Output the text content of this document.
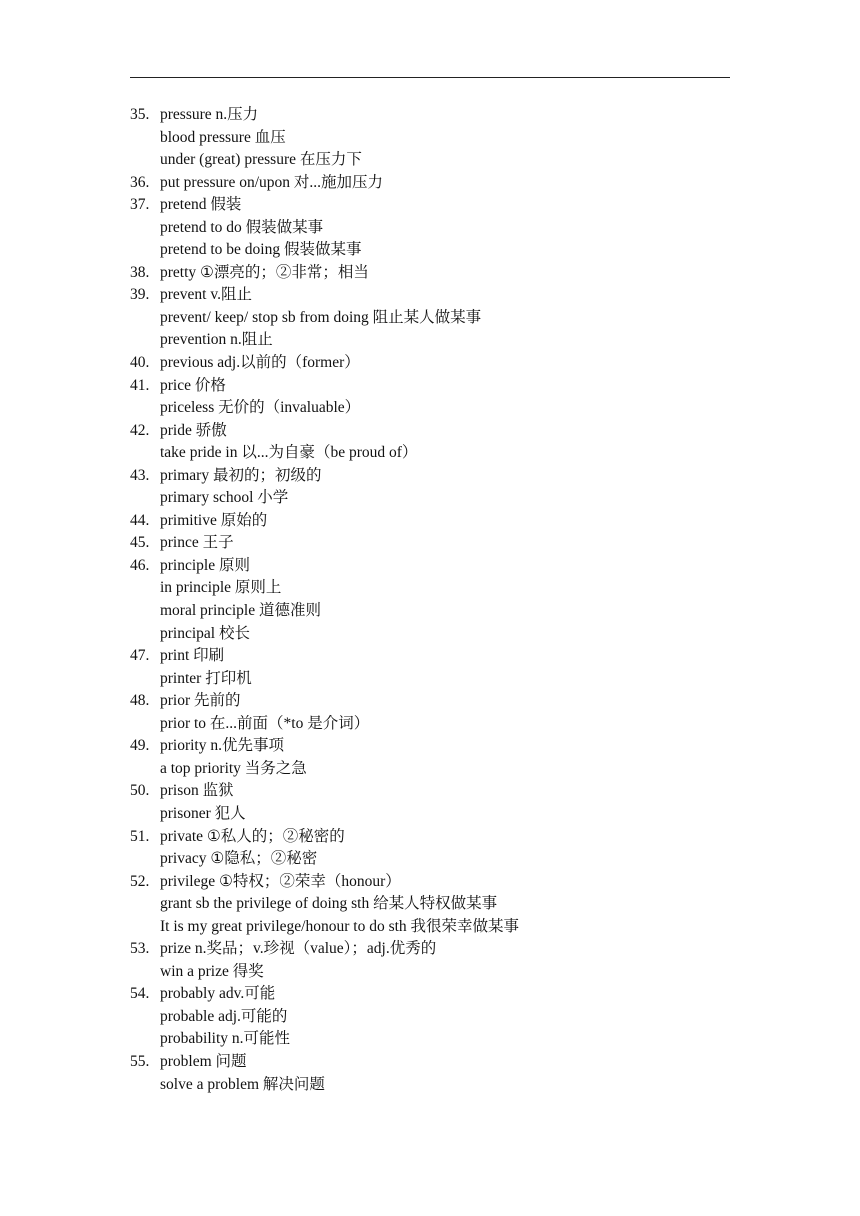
35. pressure n.压力
blood pressure 血压
under (great) pressure 在压力下
36. put pressure on/upon 对...施加压力
37. pretend 假装
pretend to do 假装做某事
pretend to be doing 假装做某事
38. pretty ①漂亮的；②非常；相当
39. prevent v.阻止
prevent/ keep/ stop sb from doing 阻止某人做某事
prevention n.阻止
40. previous adj.以前的（former）
41. price 价格
priceless 无价的（invaluable）
42. pride 骄傲
take pride in 以...为自豪（be proud of）
43. primary 最初的；初级的
primary school 小学
44. primitive 原始的
45. prince 王子
46. principle 原则
in principle 原则上
moral principle 道德准则
principal 校长
47. print 印刷
printer 打印机
48. prior 先前的
prior to 在...前面（*to 是介词）
49. priority n.优先事项
a top priority 当务之急
50. prison 监狱
prisoner 犯人
51. private ①私人的；②秘密的
privacy ①隐私；②秘密
52. privilege ①特权；②荣幸（honour）
grant sb the privilege of doing sth 给某人特权做某事
It is my great privilege/honour to do sth 我很荣幸做某事
53. prize n.奖品；v.珍视（value）；adj.优秀的
win a prize 得奖
54. probably adv.可能
probable adj.可能的
probability n.可能性
55. problem 问题
solve a problem 解决问题
